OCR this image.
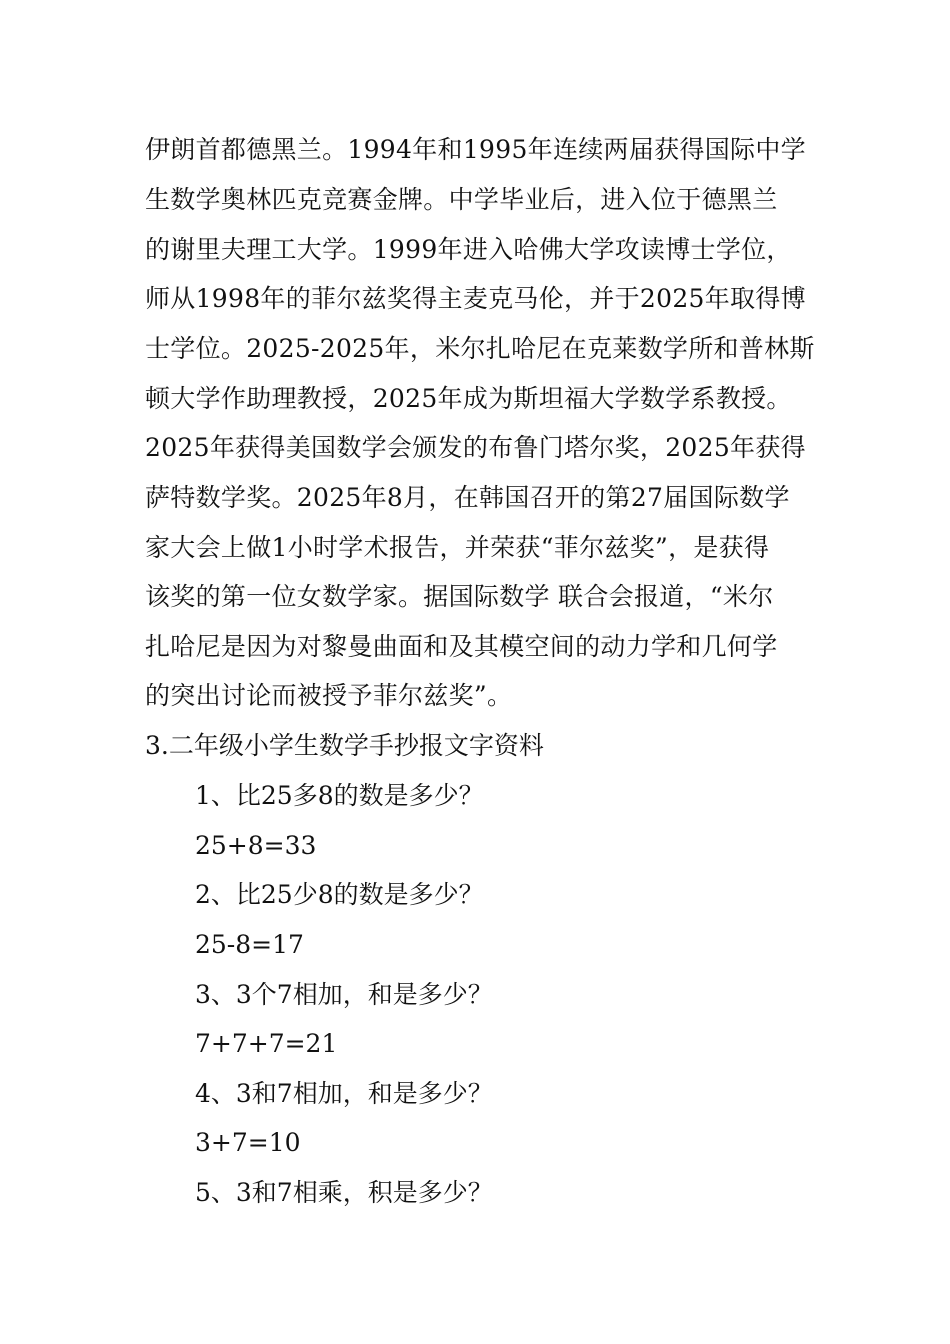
伊朗首都德黑兰。1994年和1995年连续两届获得国际中学
生数学奥林匹克竞赛金牌。中学毕业后，进入位于德黑兰
的谢里夫理工大学。1999年进入哈佛大学攻读博士学位，
师从1998年的菲尔兹奖得主麦克马伦，并于2025年取得博
士学位。2025-2025年，米尔扎哈尼在克莱数学所和普林斯
顿大学作助理教授，2025年成为斯坦福大学数学系教授。
2025年获得美国数学会颁发的布鲁门塔尔奖，2025年获得
萨特数学奖。2025年8月，在韩国召开的第27届国际数学
家大会上做1小时学术报告，并荣获“菲尔兹奖”，是获得
该奖的第一位女数学家。据国际数学 联合会报道，“米尔
扎哈尼是因为对黎曼曲面和及其模空间的动力学和几何学
的突出讨论而被授予菲尔兹奖”。
3.二年级小学生数学手抄报文字资料
1、比25多8的数是多少？
25+8=33
2、比25少8的数是多少？
25-8=17
3、3个7相加，和是多少？
7+7+7=21
4、3和7相加，和是多少？
3+7=10
5、3和7相乘，积是多少？
